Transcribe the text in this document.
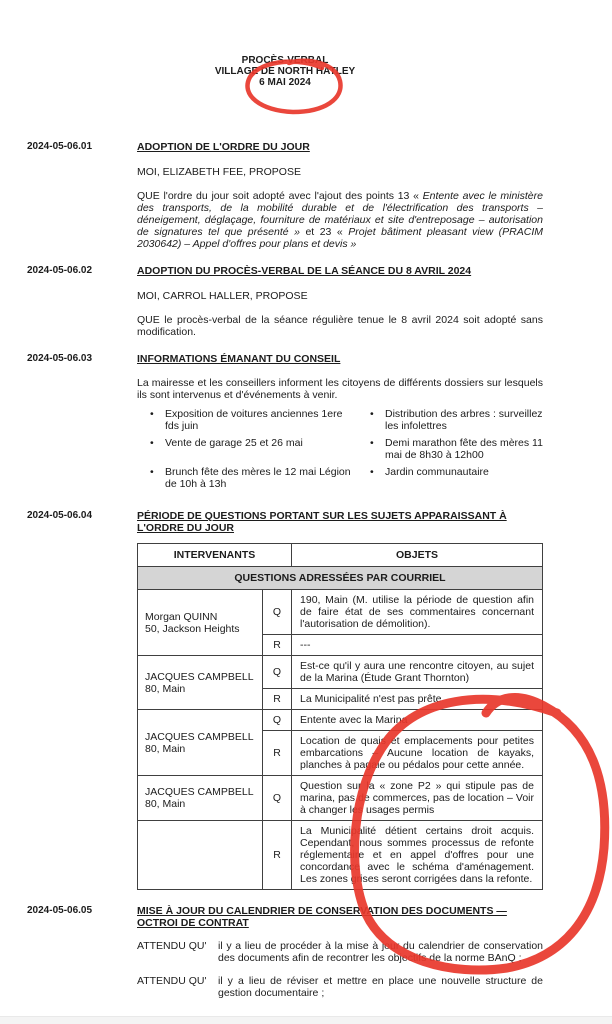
PROCÈS-VERBAL
VILLAGE DE NORTH HATLEY
6 MAI 2024
2024-05-06.01	ADOPTION DE L'ORDRE DU JOUR
MOI, ELIZABETH FEE, PROPOSE
QUE l'ordre du jour soit adopté avec l'ajout des points 13 « Entente avec le ministère des transports, de la mobilité durable et de l'électrification des transports – déneigement, déglaçage, fourniture de matériaux et site d'entreposage – autorisation de signatures tel que présenté » et 23 « Projet bâtiment pleasant view (PRACIM 2030642) – Appel d'offres pour plans et devis »
2024-05-06.02	ADOPTION DU PROCÈS-VERBAL DE LA SÉANCE DU 8 AVRIL 2024
MOI, CARROL HALLER, PROPOSE
QUE le procès-verbal de la séance régulière tenue le 8 avril 2024 soit adopté sans modification.
2024-05-06.03	INFORMATIONS ÉMANANT DU CONSEIL
La mairesse et les conseillers informent les citoyens de différents dossiers sur lesquels ils sont intervenus et d'événements à venir.
• Exposition de voitures anciennes 1ere fds juin
• Distribution des arbres : surveillez les infolettres
• Vente de garage 25 et 26 mai	• Demi marathon fête des mères 11 mai de 8h30 à 12h00
• Brunch fête des mères le 12 mai Légion de 10h à 13h
• Jardin communautaire
2024-05-06.04	PÉRIODE DE QUESTIONS PORTANT SUR LES SUJETS APPARAISSANT À L'ORDRE DU JOUR
INTERVENANTS		OBJETS
QUESTIONS ADRESSÉES PAR COURRIEL		

Morgan QUINN
50, Jackson Heights	Q	190, Main (M. utilise la période de question afin de faire état de ses commentaires concernant l'autorisation de démolition).
	R	---

JACQUES CAMPBELL
80, Main	Q	Est-ce qu'il y aura une rencontre citoyen, au sujet de la Marina (Étude Grant Thornton)
	R	La Municipalité n'est pas prête

JACQUES CAMPBELL
80, Main	Q	Entente avec la Marina
	R	Location de quais et emplacements pour petites embarcations – Aucune location de kayaks, planches à pagaie ou pédalos pour cette année.

JACQUES CAMPBELL
80, Main	Q	Question sur la « zone P2 » qui stipule pas de marina, pas de commerces, pas de location – Voir à changer les usages permis
	R	La Municipalité détient certains droit acquis. Cependant, nous sommes processus de refonte réglementaire et en appel d'offres pour une concordance avec le schéma d'aménagement. Les zones grises seront corrigées dans la refonte.
2024-05-06.05	MISE À JOUR DU CALENDRIER DE CONSERVATION DES DOCUMENTS — OCTROI DE CONTRAT
ATTENDU QU'	il y a lieu de procéder à la mise à jour du calendrier de conservation des documents afin de recontrer les objectifs de la norme BAnQ ;
ATTENDU QU'	il y a lieu de réviser et mettre en place une nouvelle structure de gestion documentaire ;
